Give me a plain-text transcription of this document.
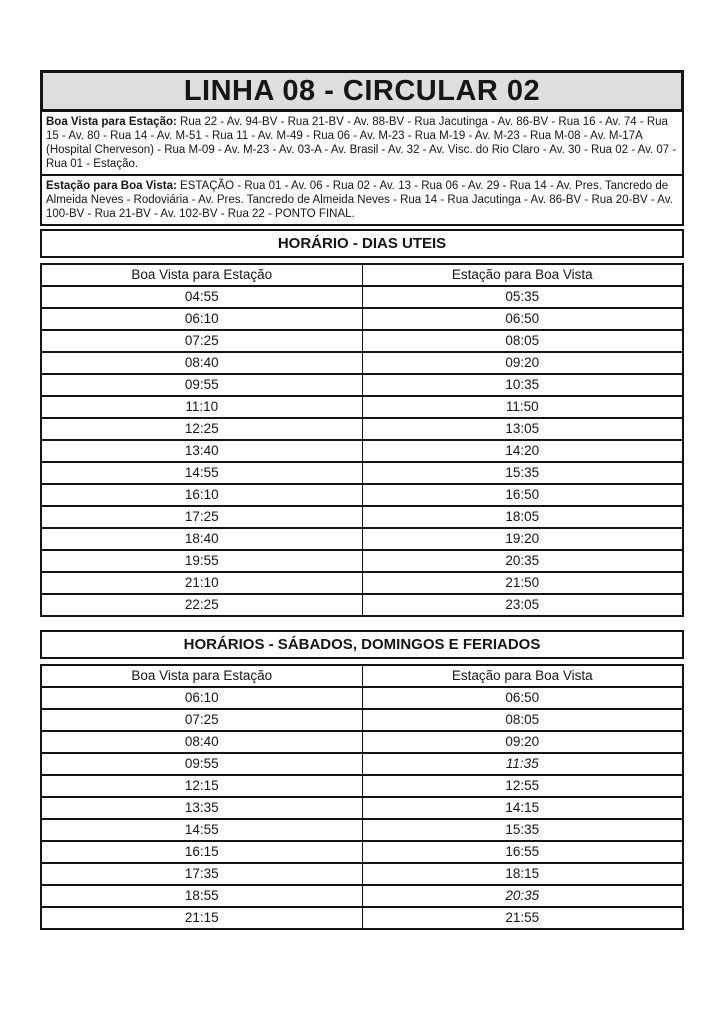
LINHA 08 - CIRCULAR 02
Boa Vista para Estação: Rua 22 - Av. 94-BV - Rua 21-BV - Av. 88-BV - Rua Jacutinga - Av. 86-BV - Rua 16 - Av. 74 - Rua 15 - Av. 80 - Rua 14 - Av. M-51 - Rua 11 - Av. M-49 - Rua 06 - Av. M-23 - Rua M-19 - Av. M-23 - Rua M-08 - Av. M-17A (Hospital Cherveson) - Rua M-09 - Av. M-23 - Av. 03-A - Av. Brasil - Av. 32 - Av. Visc. do Rio Claro - Av. 30 - Rua 02 - Av. 07 - Rua 01 - Estação.
Estação para Boa Vista: ESTAÇÃO - Rua 01 - Av. 06 - Rua 02 - Av. 13 - Rua 06 - Av. 29 - Rua 14 - Av. Pres. Tancredo de Almeida Neves - Rodoviária - Av. Pres. Tancredo de Almeida Neves - Rua 14 - Rua Jacutinga - Av. 86-BV - Rua 20-BV - Av. 100-BV - Rua 21-BV - Av. 102-BV - Rua 22 - PONTO FINAL.
HORÁRIO - DIAS UTEIS
Boa Vista para Estação	Estação para Boa Vista
04:55	05:35
06:10	06:50
07:25	08:05
08:40	09:20
09:55	10:35
11:10	11:50
12:25	13:05
13:40	14:20
14:55	15:35
16:10	16:50
17:25	18:05
18:40	19:20
19:55	20:35
21:10	21:50
22:25	23:05
HORÁRIOS - SÁBADOS, DOMINGOS E FERIADOS
Boa Vista para Estação	Estação para Boa Vista
06:10	06:50
07:25	08:05
08:40	09:20
09:55	11:35
12:15	12:55
13:35	14:15
14:55	15:35
16:15	16:55
17:35	18:15
18:55	20:35
21:15	21:55
